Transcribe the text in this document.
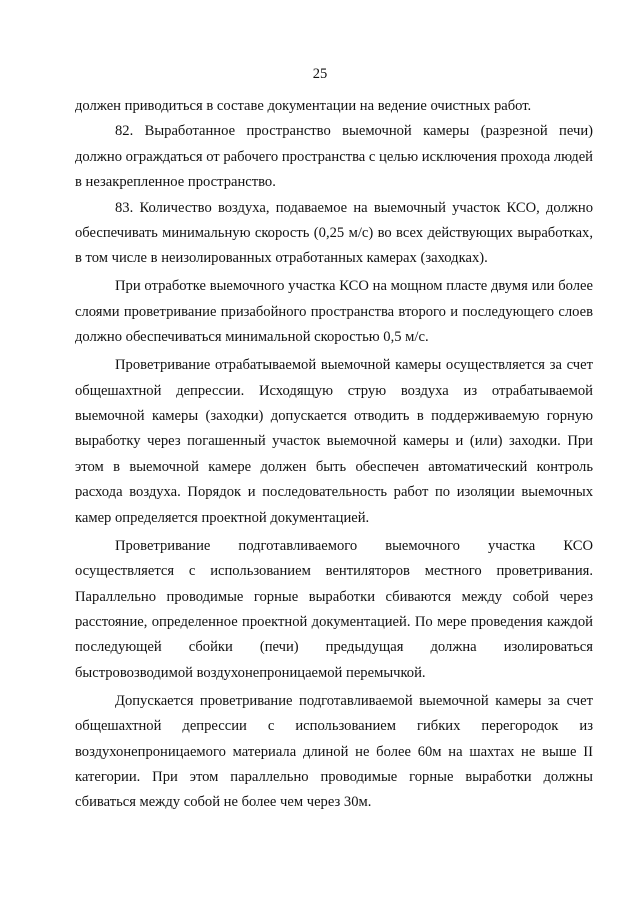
25

должен приводиться в составе документации на ведение очистных работ.

82. Выработанное пространство выемочной камеры (разрезной печи) должно ограждаться от рабочего пространства с целью исключения прохода людей в незакрепленное пространство.

83. Количество воздуха, подаваемое на выемочный участок КСО, должно обеспечивать минимальную скорость (0,25 м/с) во всех действующих выработках, в том числе в неизолированных отработанных камерах (заходках).

При отработке выемочного участка КСО на мощном пласте двумя или более слоями проветривание призабойного пространства второго и последующего слоев должно обеспечиваться минимальной скоростью 0,5 м/с.

Проветривание отрабатываемой выемочной камеры осуществляется за счет общешахтной депрессии. Исходящую струю воздуха из отрабатываемой выемочной камеры (заходки) допускается отводить в поддерживаемую горную выработку через погашенный участок выемочной камеры и (или) заходки. При этом в выемочной камере должен быть обеспечен автоматический контроль расхода воздуха. Порядок и последовательность работ по изоляции выемочных камер определяется проектной документацией.

Проветривание подготавливаемого выемочного участка КСО осуществляется с использованием вентиляторов местного проветривания. Параллельно проводимые горные выработки сбиваются между собой через расстояние, определенное проектной документацией. По мере проведения каждой последующей сбойки (печи) предыдущая должна изолироваться быстровозводимой воздухонепроницаемой перемычкой.

Допускается проветривание подготавливаемой выемочной камеры за счет общешахтной депрессии с использованием гибких перегородок из воздухонепроницаемого материала длиной не более 60м на шахтах не выше II категории. При этом параллельно проводимые горные выработки должны сбиваться между собой не более чем через 30м.
